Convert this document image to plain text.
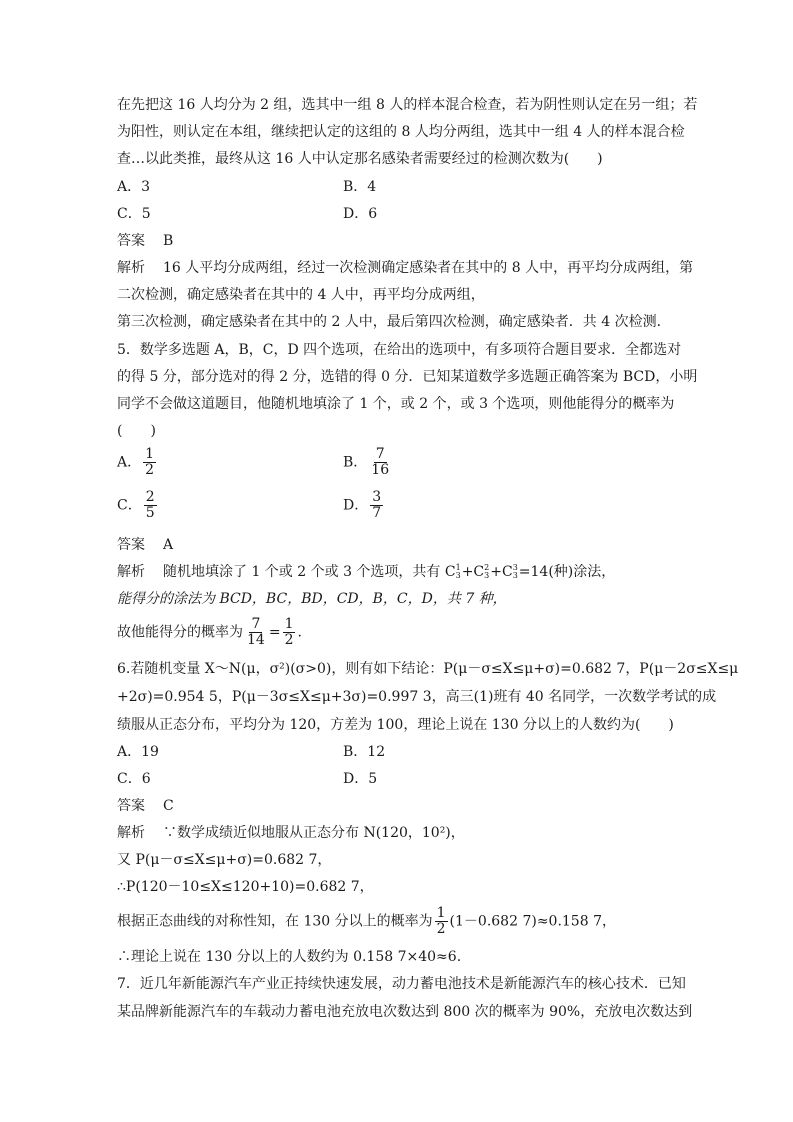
在先把这 16 人均分为 2 组，选其中一组 8 人的样本混合检查，若为阴性则认定在另一组；若
为阳性，则认定在本组，继续把认定的这组的 8 人均分两组，选其中一组 4 人的样本混合检
查…以此类推，最终从这 16 人中认定那名感染者需要经过的检测次数为(　　)
A．3	B．4
C．5	D．6
答案 B
解析 16 人平均分成两组，经过一次检测确定感染者在其中的 8 人中，再平均分成两组，第
二次检测，确定感染者在其中的 4 人中，再平均分成两组，
第三次检测，确定感染者在其中的 2 人中，最后第四次检测，确定感染者．共 4 次检测．
5．数学多选题 A，B，C，D 四个选项，在给出的选项中，有多项符合题目要求．全都选对
的得 5 分，部分选对的得 2 分，选错的得 0 分．已知某道数学多选题正确答案为 BCD，小明
同学不会做这道题目，他随机地填涂了 1 个，或 2 个，或 3 个选项，则他能得分的概率为
(　　)
A． $\frac{1}{2}$	B． $\frac{7}{16}$
C． $\frac{2}{5}$	D． $\frac{3}{7}$
答案 A
解析 随机地填涂了 1 个或 2 个或 3 个选项，共有 C 1
3 +C 2
3 +C 3
3 =14(种)涂法，
能得分的涂法为 BCD，BC，BD，CD，B，C，D，共 7 种，
故他能得分的概率为 $\frac{7}{14} = \frac{1}{2}$ .
6.若随机变量 X～N(μ，σ²)(σ>0)，则有如下结论：P(μ－σ≤X≤μ+σ)=0.682 7，P(μ－2σ≤X≤μ
+2σ)=0.954 5，P(μ－3σ≤X≤μ+3σ)=0.997 3，高三(1)班有 40 名同学，一次数学考试的成
绩服从正态分布，平均分为 120，方差为 100，理论上说在 130 分以上的人数约为(　　)
A．19	B．12
C．6	D．5
答案 C
解析 ∵数学成绩近似地服从正态分布 N(120，10²)，
又 P(μ－σ≤X≤μ+σ)=0.682 7，
∴P(120－10≤X≤120+10)=0.682 7，
根据正态曲线的对称性知，在 130 分以上的概率为 $\frac{1}{2} (1-0.682$ 7)≈0.158 7，
∴理论上说在 130 分以上的人数约为 0.158 7×40≈6.
7．近几年新能源汽车产业正持续快速发展，动力蓄电池技术是新能源汽车的核心技术．已知
某品牌新能源汽车的车载动力蓄电池充放电次数达到 800 次的概率为 90%，充放电次数达到
